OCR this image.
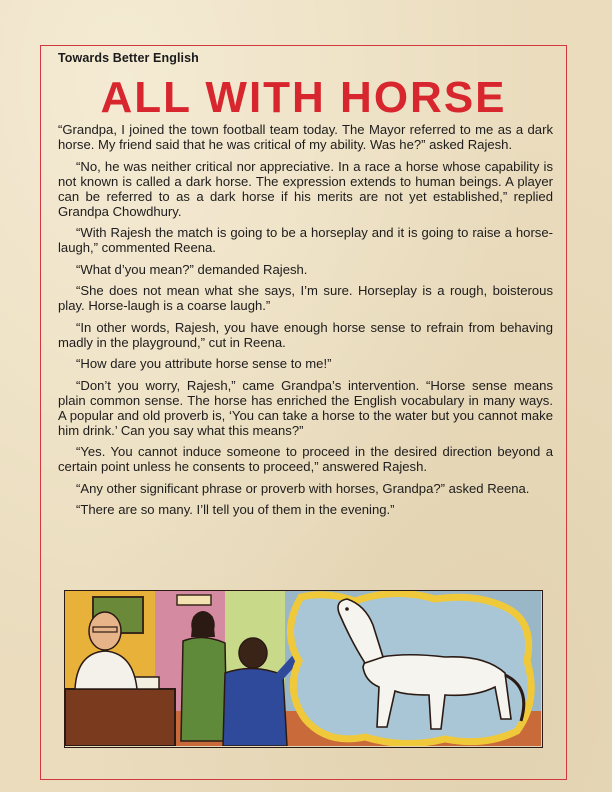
Towards Better English
ALL WITH HORSE

“Grandpa, I joined the town football team today. The Mayor referred to me as a dark horse. My friend said that he was critical of my ability. Was he?” asked Rajesh.

“No, he was neither critical nor appreciative. In a race a horse whose capability is not known is called a dark horse. The expression extends to human beings. A player can be referred to as a dark horse if his merits are not yet established,” replied Grandpa Chowdhury.

“With Rajesh the match is going to be a horseplay and it is going to raise a horse-laugh,” commented Reena.

“What d’you mean?” demanded Rajesh.

“She does not mean what she says, I’m sure. Horseplay is a rough, boisterous play. Horse-laugh is a coarse laugh.”

“In other words, Rajesh, you have enough horse sense to refrain from behaving madly in the playground,” cut in Reena.

“How dare you attribute horse sense to me!”

“Don’t you worry, Rajesh,” came Grandpa’s intervention. “Horse sense means plain common sense. The horse has enriched the English vocabulary in many ways. A popular and old proverb is, ‘You can take a horse to the water but you cannot make him drink.’ Can you say what this means?”

“Yes. You cannot induce someone to proceed in the desired direction beyond a certain point unless he consents to proceed,” answered Rajesh.

“Any other significant phrase or proverb with horses, Grandpa?” asked Reena.

“There are so many. I’ll tell you of them in the evening.”
